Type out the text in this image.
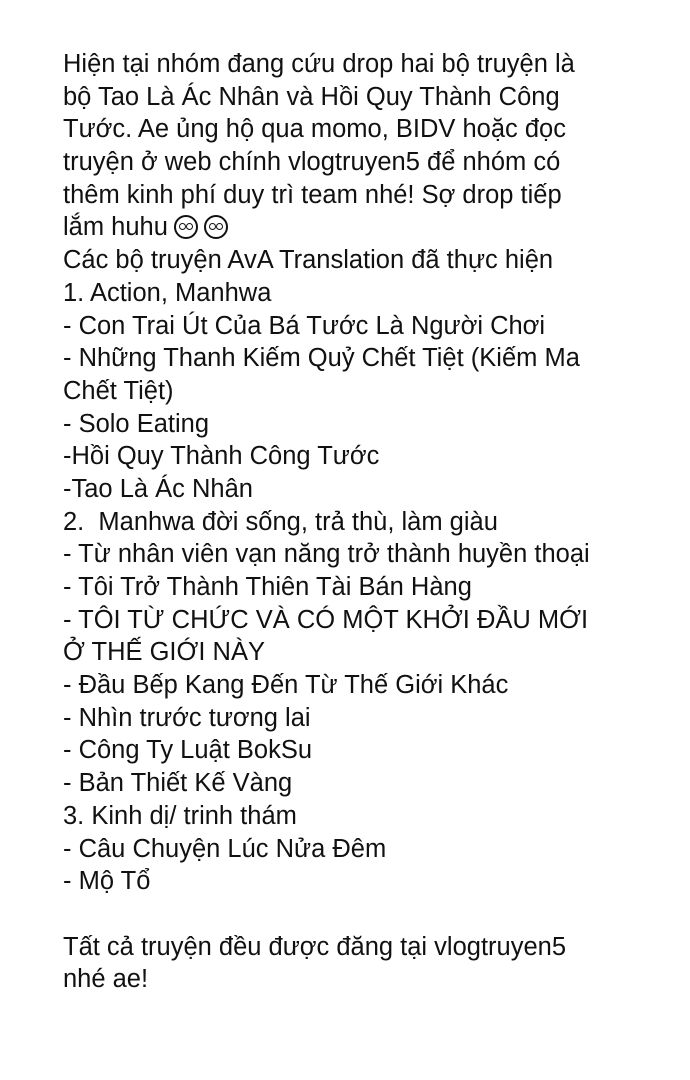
Hiện tại nhóm đang cứu drop hai bộ truyện là
bộ Tao Là Ác Nhân và Hồi Quy Thành Công
Tước. Ae ủng hộ qua momo, BIDV hoặc đọc
truyện ở web chính vlogtruyen5 để nhóm có
thêm kinh phí duy trì team nhé! Sợ drop tiếp
lắm huhu
Các bộ truyện AvA Translation đã thực hiện
1. Action, Manhwa
- Con Trai Út Của Bá Tước Là Người Chơi
- Những Thanh Kiếm Quỷ Chết Tiệt (Kiếm Ma
Chết Tiệt)
- Solo Eating
-Hồi Quy Thành Công Tước
-Tao Là Ác Nhân
2.  Manhwa đời sống, trả thù, làm giàu
- Từ nhân viên vạn năng trở thành huyền thoại
- Tôi Trở Thành Thiên Tài Bán Hàng
- TÔI TỪ CHỨC VÀ CÓ MỘT KHỞI ĐẦU MỚI
Ở THẾ GIỚI NÀY
- Đầu Bếp Kang Đến Từ Thế Giới Khác
- Nhìn trước tương lai
- Công Ty Luật BokSu
- Bản Thiết Kế Vàng
3. Kinh dị/ trinh thám
- Câu Chuyện Lúc Nửa Đêm
- Mộ Tổ
Tất cả truyện đều được đăng tại vlogtruyen5
nhé ae!
